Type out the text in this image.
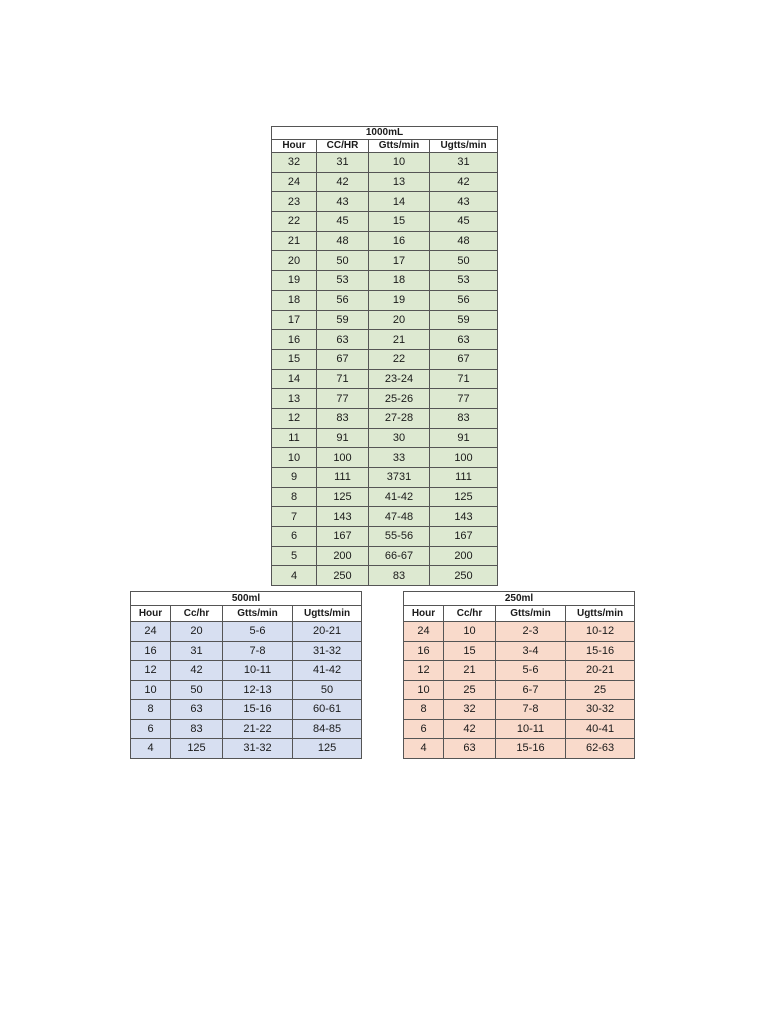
1000mL			
Hour	CC/HR	Gtts/min	Ugtts/min
32	31	10	31
24	42	13	42
23	43	14	43
22	45	15	45
21	48	16	48
20	50	17	50
19	53	18	53
18	56	19	56
17	59	20	59
16	63	21	63
15	67	22	67
14	71	23-24	71
13	77	25-26	77
12	83	27-28	83
11	91	30	91
10	100	33	100
9	111	3731	111
8	125	41-42	125
7	143	47-48	143
6	167	55-56	167
5	200	66-67	200
4	250	83	250
500ml			
Hour	Cc/hr	Gtts/min	Ugtts/min
24	20	5-6	20-21
16	31	7-8	31-32
12	42	10-11	41-42
10	50	12-13	50
8	63	15-16	60-61
6	83	21-22	84-85
4	125	31-32	125
250ml			
Hour	Cc/hr	Gtts/min	Ugtts/min
24	10	2-3	10-12
16	15	3-4	15-16
12	21	5-6	20-21
10	25	6-7	25
8	32	7-8	30-32
6	42	10-11	40-41
4	63	15-16	62-63
